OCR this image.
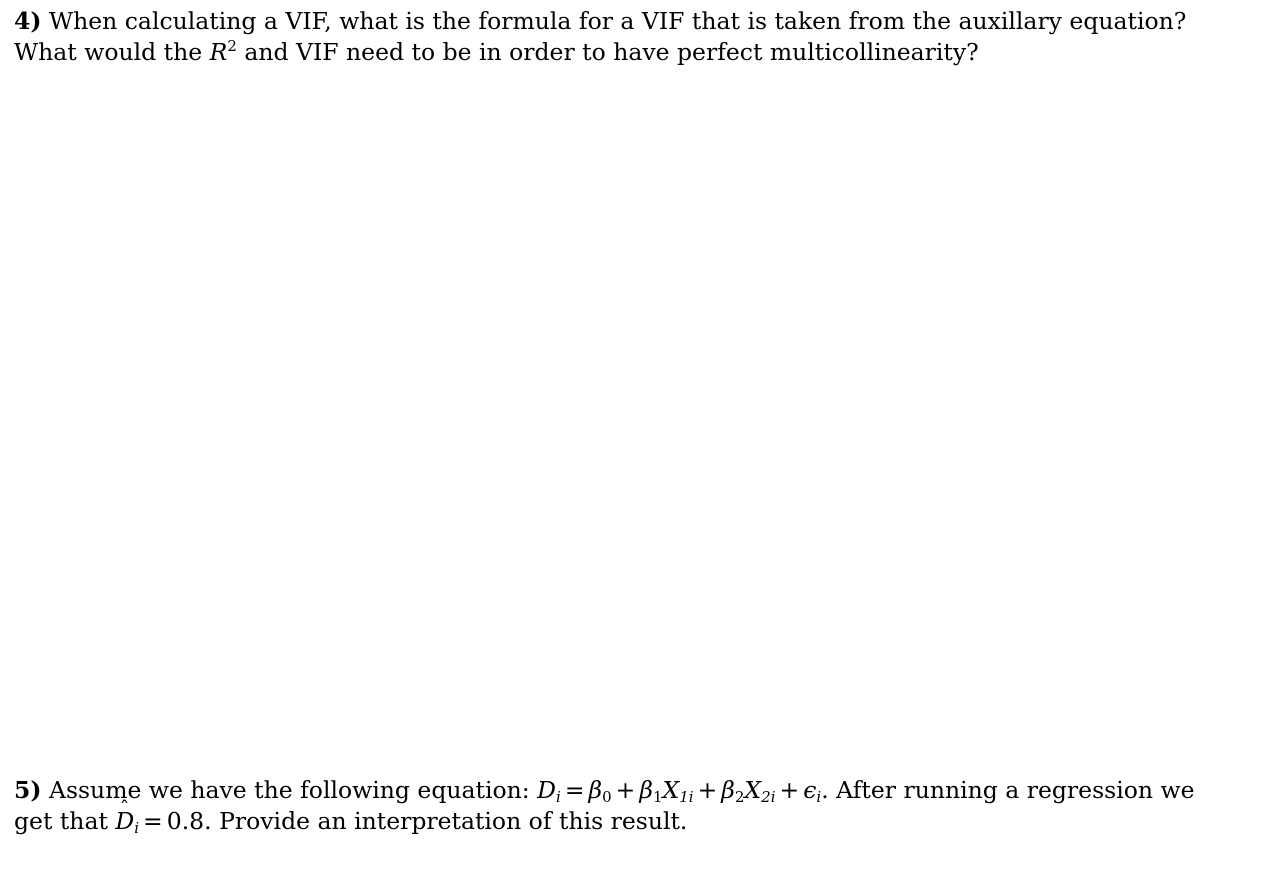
4) When calculating a VIF, what is the formula for a VIF that is taken from the auxillary equation? What would the $R^2$ and VIF need to be in order to have perfect multicollinearity?
5) Assume we have the following equation: $D_i = \beta_0 + \beta_1X_{1i} + \beta_2X_{2i} + \epsilon_i$. After running a regression we get that ˆ $D_i = 0.8$. Provide an interpretation of this result.
